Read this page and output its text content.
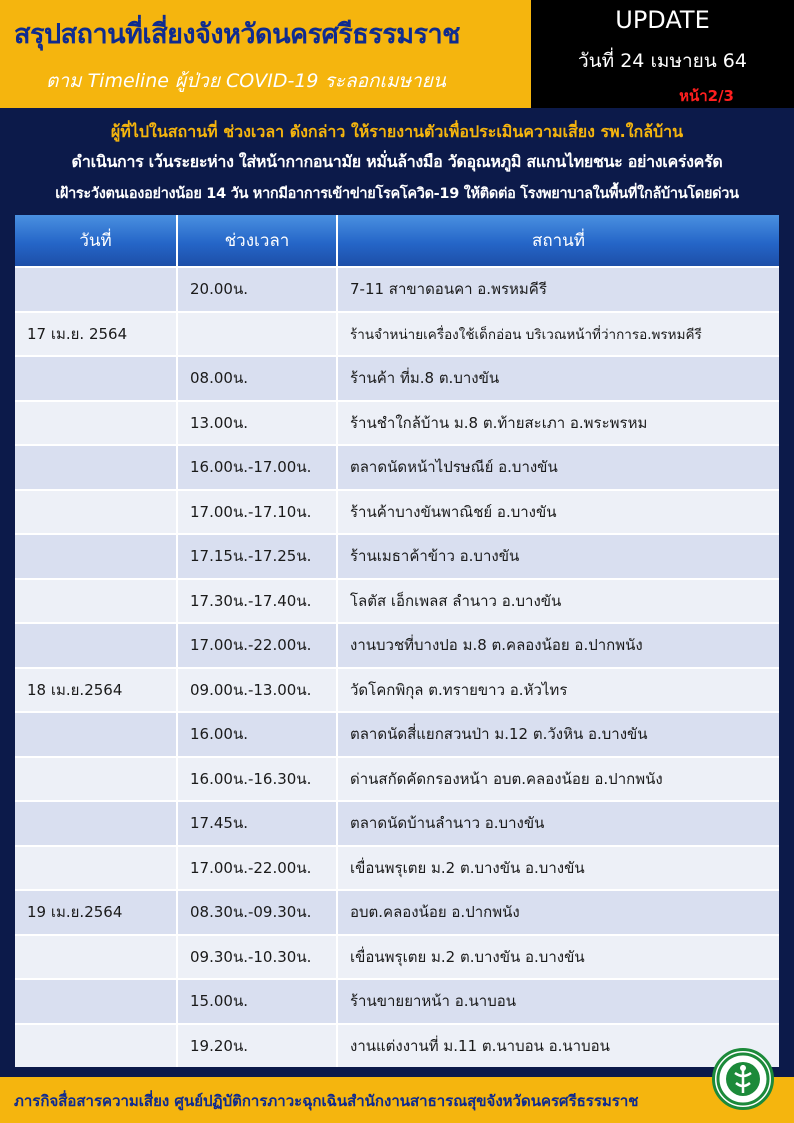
สรุปสถานที่เสี่ยงจังหวัดนครศรีธรรมราช
ตาม Timeline ผู้ป่วย COVID-19 ระลอกเมษายน
UPDATE
วันที่ 24 เมษายน 64
หน้า2/3
ผู้ที่ไปในสถานที่ ช่วงเวลา ดังกล่าว ให้รายงานตัวเพื่อประเมินความเสี่ยง รพ.ใกล้บ้าน
ดำเนินการ เว้นระยะห่าง ใส่หน้ากากอนามัย หมั่นล้างมือ วัดอุณหภูมิ สแกนไทยชนะ อย่างเคร่งครัด
เฝ้าระวังตนเองอย่างน้อย 14 วัน หากมีอาการเข้าข่ายโรคโควิด-19 ให้ติดต่อ โรงพยาบาลในพื้นที่ใกล้บ้านโดยด่วน
วันที่	ช่วงเวลา	สถานที่
	20.00น.	7-11 สาขาดอนคา อ.พรหมคีรี
17 เม.ย. 2564		ร้านจำหน่ายเครื่องใช้เด็กอ่อน บริเวณหน้าที่ว่าการอ.พรหมคีรี
	08.00น.	ร้านค้า ที่ม.8 ต.บางขัน
	13.00น.	ร้านชำใกล้บ้าน ม.8 ต.ท้ายสะเภา อ.พระพรหม
	16.00น.-17.00น.	ตลาดนัดหน้าไปรษณีย์ อ.บางขัน
	17.00น.-17.10น.	ร้านค้าบางขันพาณิชย์ อ.บางขัน
	17.15น.-17.25น.	ร้านเมธาค้าข้าว อ.บางขัน
	17.30น.-17.40น.	โลตัส เอ็กเพลส ลำนาว อ.บางขัน
	17.00น.-22.00น.	งานบวชที่บางปอ ม.8 ต.คลองน้อย อ.ปากพนัง
18 เม.ย.2564	09.00น.-13.00น.	วัดโคกพิกุล ต.ทรายขาว อ.หัวไทร
	16.00น.	ตลาดนัดสี่แยกสวนป่า ม.12 ต.วังหิน อ.บางขัน
	16.00น.-16.30น.	ด่านสกัดคัดกรองหน้า อบต.คลองน้อย อ.ปากพนัง
	17.45น.	ตลาดนัดบ้านลำนาว อ.บางขัน
	17.00น.-22.00น.	เขื่อนพรุเตย ม.2 ต.บางขัน อ.บางขัน
19 เม.ย.2564	08.30น.-09.30น.	อบต.คลองน้อย อ.ปากพนัง
	09.30น.-10.30น.	เขื่อนพรุเตย ม.2 ต.บางขัน อ.บางขัน
	15.00น.	ร้านขายยาหน้า อ.นาบอน
	19.20น.	งานแต่งงานที่ ม.11 ต.นาบอน อ.นาบอน
ภารกิจสื่อสารความเสี่ยง ศูนย์ปฏิบัติการภาวะฉุกเฉินสำนักงานสาธารณสุขจังหวัดนครศรีธรรมราช
